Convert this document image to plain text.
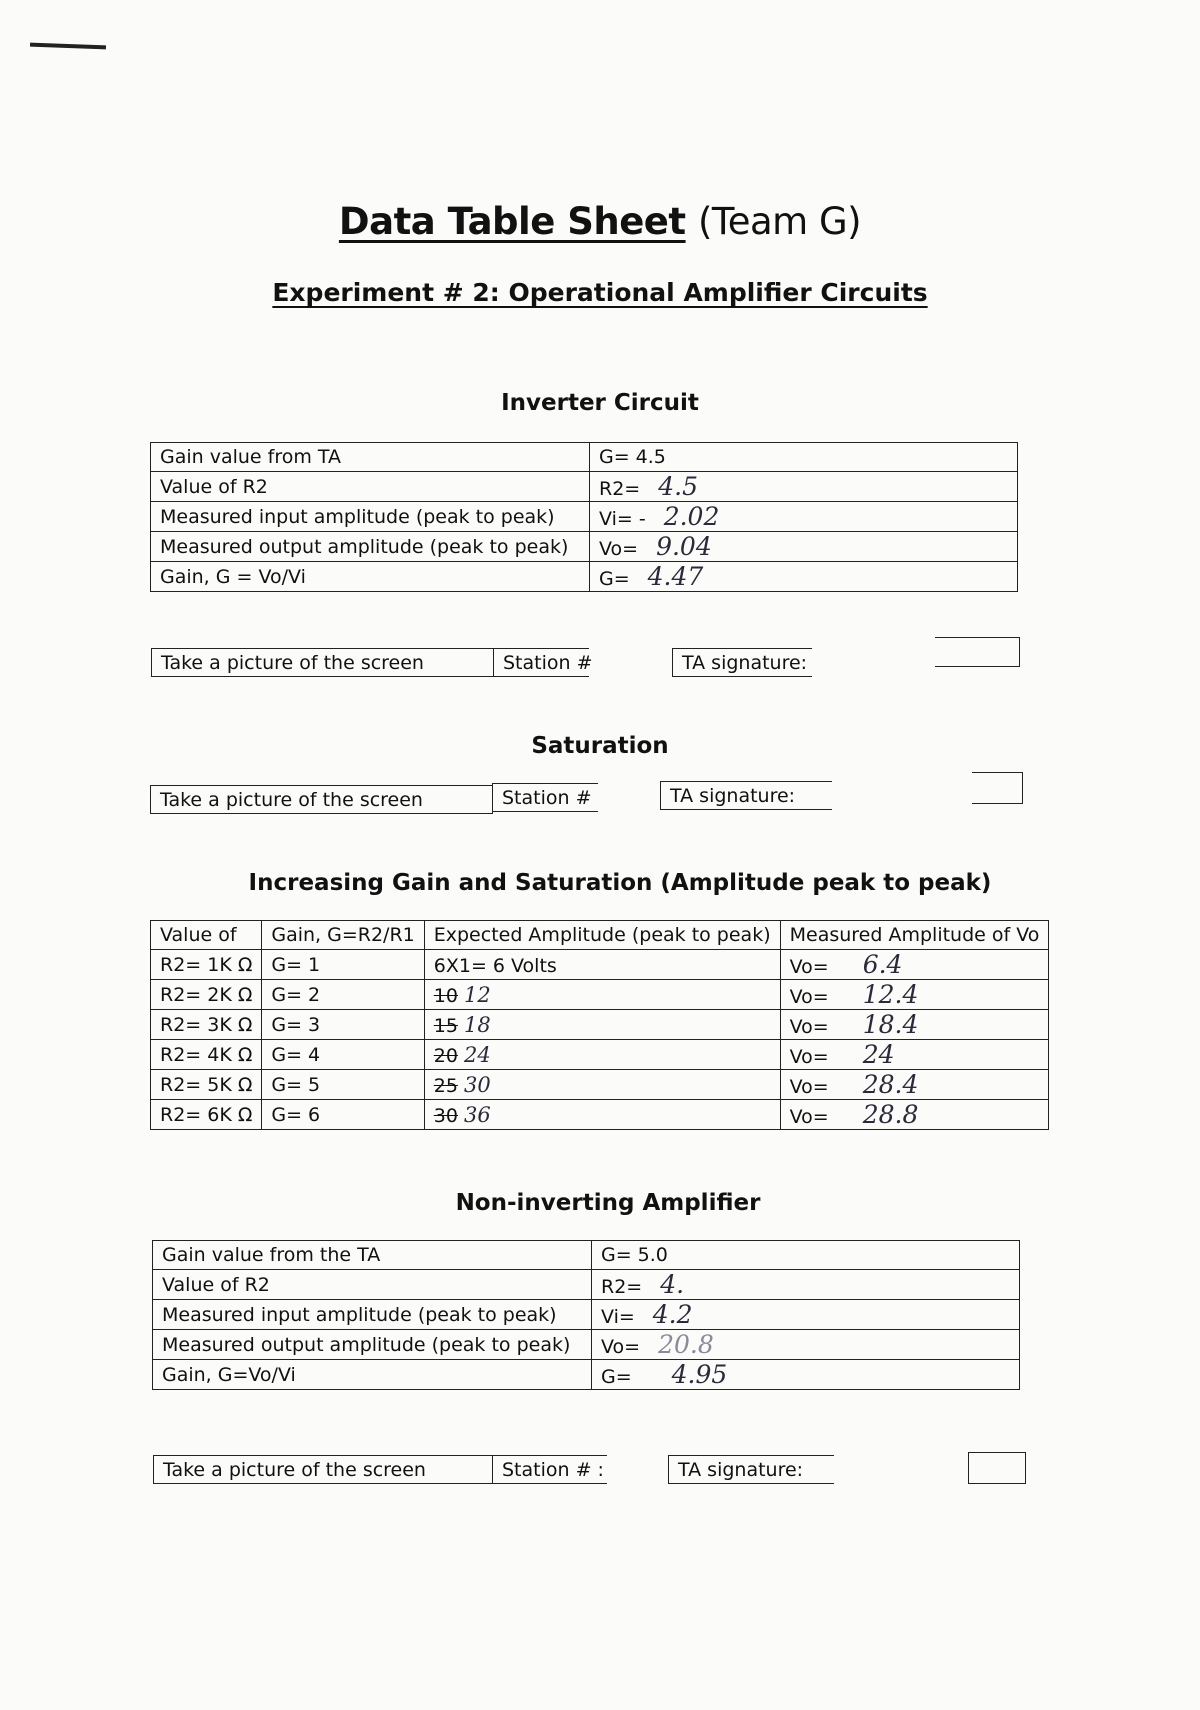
Data Table Sheet (Team G)
Experiment # 2: Operational Amplifier Circuits
Inverter Circuit
Gain value from TA	G= 4.5
Value of R2	R2= 4.5
Measured input amplitude (peak to peak)	Vi= - 2.02
Measured output amplitude (peak to peak)	Vo= 9.04
Gain, G = Vo/Vi	G= 4.47
Take a picture of the screen	Station #	TA signature:
Saturation
Take a picture of the screen	Station #	TA signature:
Increasing Gain and Saturation (Amplitude peak to peak)
Value of	Gain, G=R2/R1	Expected Amplitude (peak to peak)	Measured Amplitude of Vo
R2= 1K Ω	G= 1	6X1= 6 Volts	Vo= 6.4
R2= 2K Ω	G= 2	10 12	Vo= 12.4
R2= 3K Ω	G= 3	15 18	Vo= 18.4
R2= 4K Ω	G= 4	20 24	Vo= 24
R2= 5K Ω	G= 5	25 30	Vo= 28.4
R2= 6K Ω	G= 6	30 36	Vo= 28.8
Non-inverting Amplifier
Gain value from the TA	G= 5.0
Value of R2	R2= 4.
Measured input amplitude (peak to peak)	Vi= 4.2
Measured output amplitude (peak to peak)	Vo= 20.8
Gain, G=Vo/Vi	G= 4.95
Take a picture of the screen	Station # :	TA signature:
